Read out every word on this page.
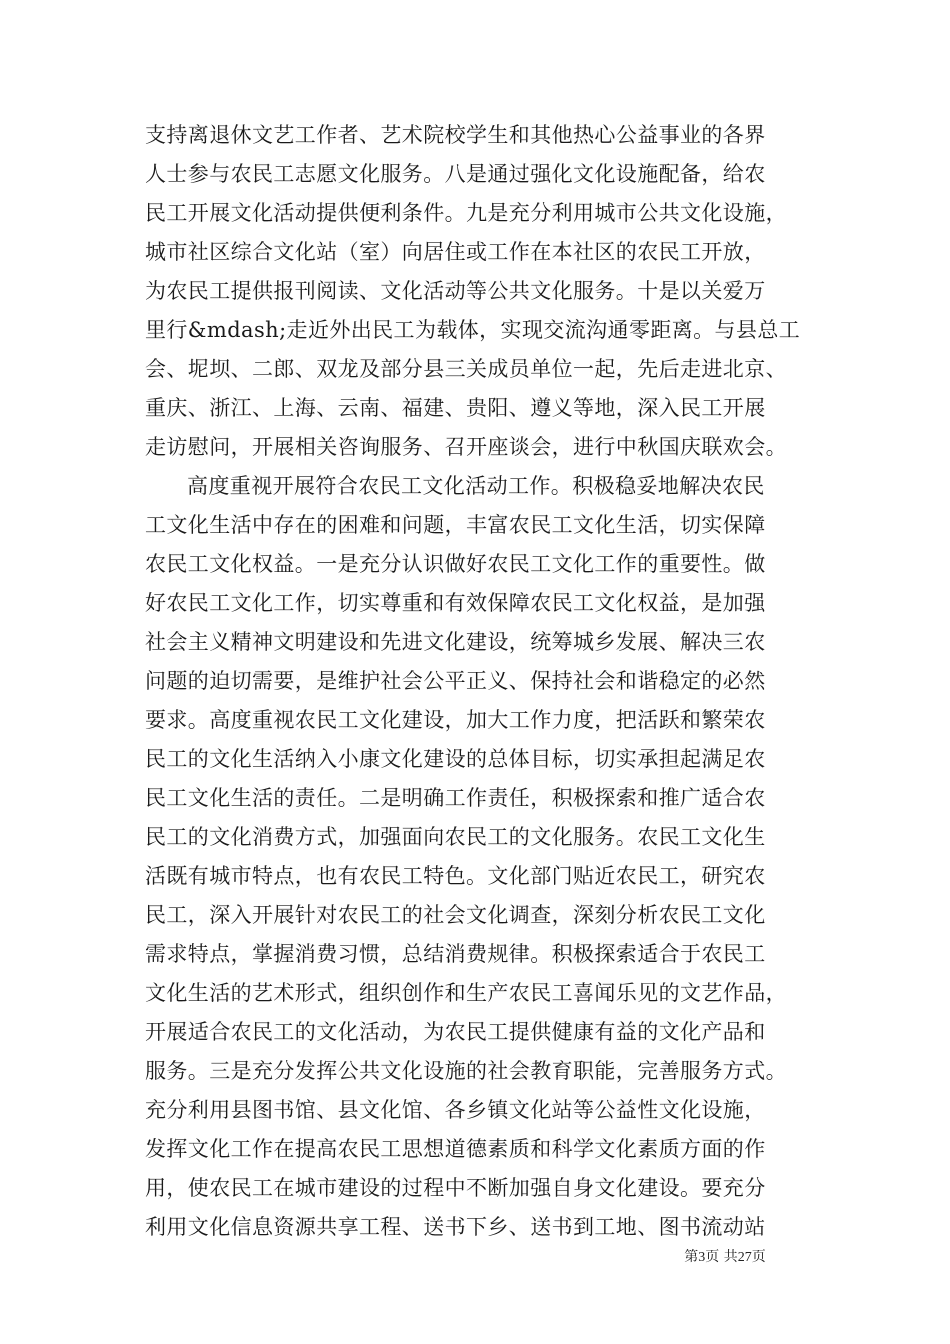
支持离退休文艺工作者、艺术院校学生和其他热心公益事业的各界
人士参与农民工志愿文化服务。八是通过强化文化设施配备，给农
民工开展文化活动提供便利条件。九是充分利用城市公共文化设施，
城市社区综合文化站（室）向居住或工作在本社区的农民工开放，
为农民工提供报刊阅读、文化活动等公共文化服务。十是以关爱万
里行&mdash;走近外出民工为载体，实现交流沟通零距离。与县总工
会、坭坝、二郎、双龙及部分县三关成员单位一起，先后走进北京、
重庆、浙江、上海、云南、福建、贵阳、遵义等地，深入民工开展
走访慰问，开展相关咨询服务、召开座谈会，进行中秋国庆联欢会。
高度重视开展符合农民工文化活动工作。积极稳妥地解决农民
工文化生活中存在的困难和问题，丰富农民工文化生活，切实保障
农民工文化权益。一是充分认识做好农民工文化工作的重要性。做
好农民工文化工作，切实尊重和有效保障农民工文化权益，是加强
社会主义精神文明建设和先进文化建设，统筹城乡发展、解决三农
问题的迫切需要，是维护社会公平正义、保持社会和谐稳定的必然
要求。高度重视农民工文化建设，加大工作力度，把活跃和繁荣农
民工的文化生活纳入小康文化建设的总体目标，切实承担起满足农
民工文化生活的责任。二是明确工作责任，积极探索和推广适合农
民工的文化消费方式，加强面向农民工的文化服务。农民工文化生
活既有城市特点，也有农民工特色。文化部门贴近农民工，研究农
民工，深入开展针对农民工的社会文化调查，深刻分析农民工文化
需求特点，掌握消费习惯，总结消费规律。积极探索适合于农民工
文化生活的艺术形式，组织创作和生产农民工喜闻乐见的文艺作品，
开展适合农民工的文化活动，为农民工提供健康有益的文化产品和
服务。三是充分发挥公共文化设施的社会教育职能，完善服务方式。
充分利用县图书馆、县文化馆、各乡镇文化站等公益性文化设施，
发挥文化工作在提高农民工思想道德素质和科学文化素质方面的作
用，使农民工在城市建设的过程中不断加强自身文化建设。要充分
利用文化信息资源共享工程、送书下乡、送书到工地、图书流动站
第3页 共27页
